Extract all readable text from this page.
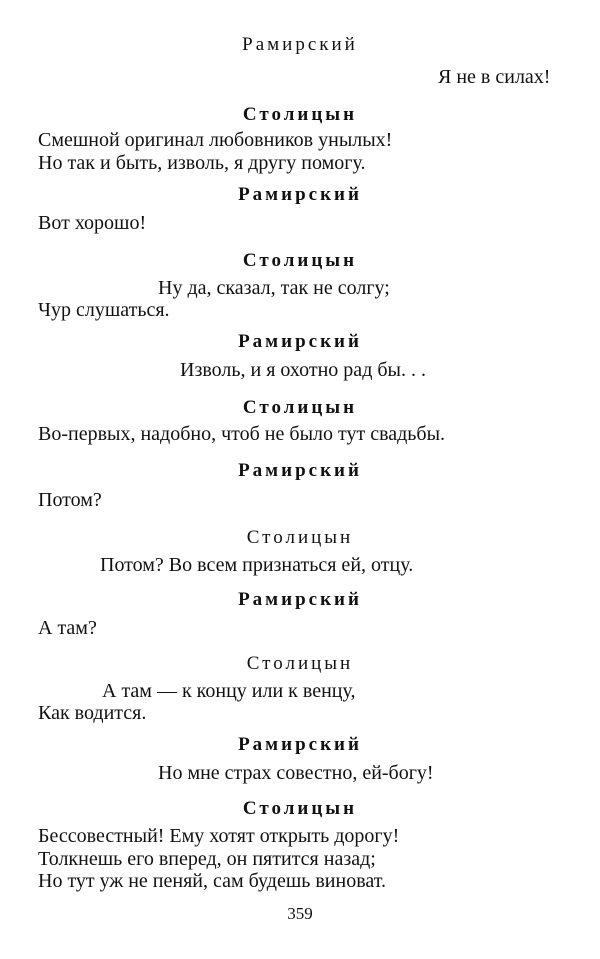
Рамирский
Я не в силах!
Столицын
Смешной оригинал любовников унылых!
Но так и быть, изволь, я другу помогу.
Рамирский
Вот хорошо!
Столицын
Ну да, сказал, так не солгу;
Чур слушаться.
Рамирский
Изволь, и я охотно рад бы. . .
Столицын
Во-первых, надобно, чтоб не было тут свадьбы.
Рамирский
Потом?
Столицын
Потом? Во всем признаться ей, отцу.
Рамирский
А там?
Столицын
А там — к концу или к венцу,
Как водится.
Рамирский
Но мне страх совестно, ей-богу!
Столицын
Бессовестный! Ему хотят открыть дорогу!
Толкнешь его вперед, он пятится назад;
Но тут уж не пеняй, сам будешь виноват.
359
